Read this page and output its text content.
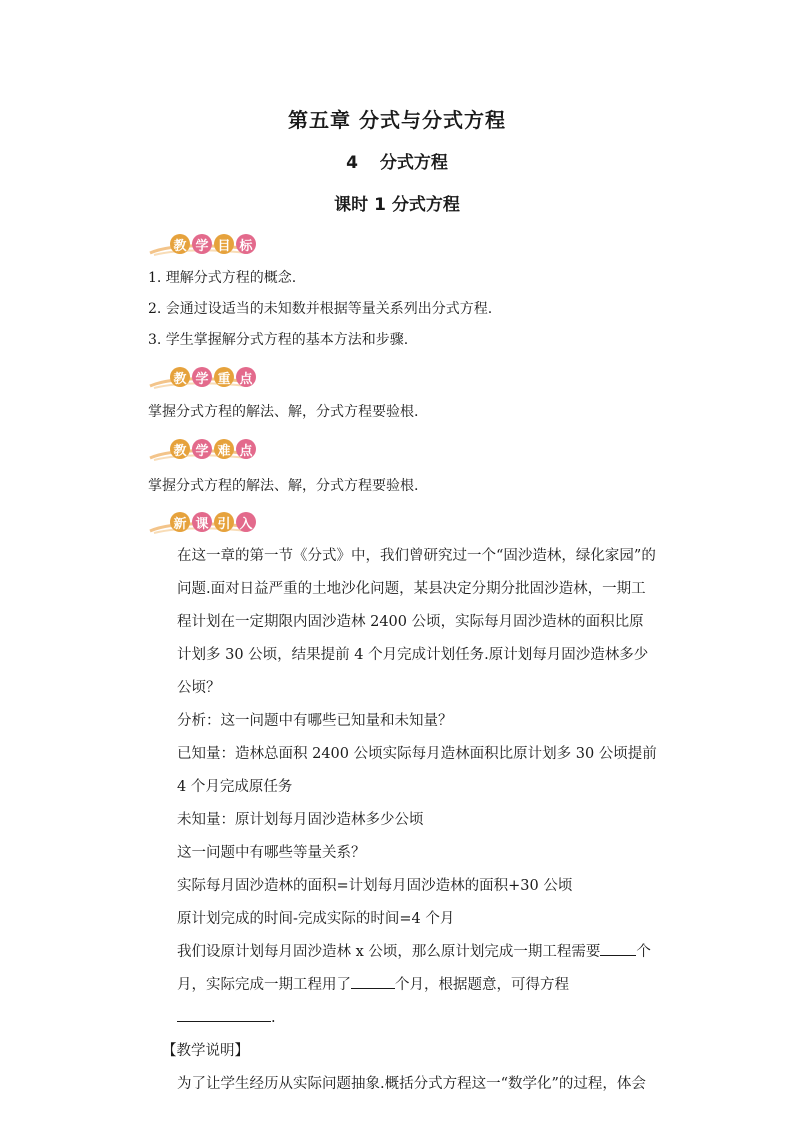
第五章 分式与分式方程
4 分式方程
课时 1 分式方程
教 学 目 标
1. 理解分式方程的概念.
2. 会通过设适当的未知数并根据等量关系列出分式方程.
3. 学生掌握解分式方程的基本方法和步骤.
教 学 重 点
掌握分式方程的解法、解，分式方程要验根.
教 学 难 点
掌握分式方程的解法、解，分式方程要验根.
新 课 引 入
在这一章的第一节《分式》中，我们曾研究过一个“固沙造林，绿化家园”的问题.面对日益严重的土地沙化问题，某县决定分期分批固沙造林，一期工程计划在一定期限内固沙造林 2400 公顷，实际每月固沙造林的面积比原计划多 30 公顷，结果提前 4 个月完成计划任务.原计划每月固沙造林多少公顷？
分析：这一问题中有哪些已知量和未知量？
已知量：造林总面积 2400 公顷实际每月造林面积比原计划多 30 公顷提前 4 个月完成原任务
未知量：原计划每月固沙造林多少公顷
这一问题中有哪些等量关系？
实际每月固沙造林的面积=计划每月固沙造林的面积+30 公顷
原计划完成的时间-完成实际的时间=4 个月
我们设原计划每月固沙造林 x 公顷，那么原计划完成一期工程需要 个月，实际完成一期工程用了	个月，根据题意，可得方程.
【教学说明】
为了让学生经历从实际问题抽象.概括分式方程这一“数学化”的过程，体会
